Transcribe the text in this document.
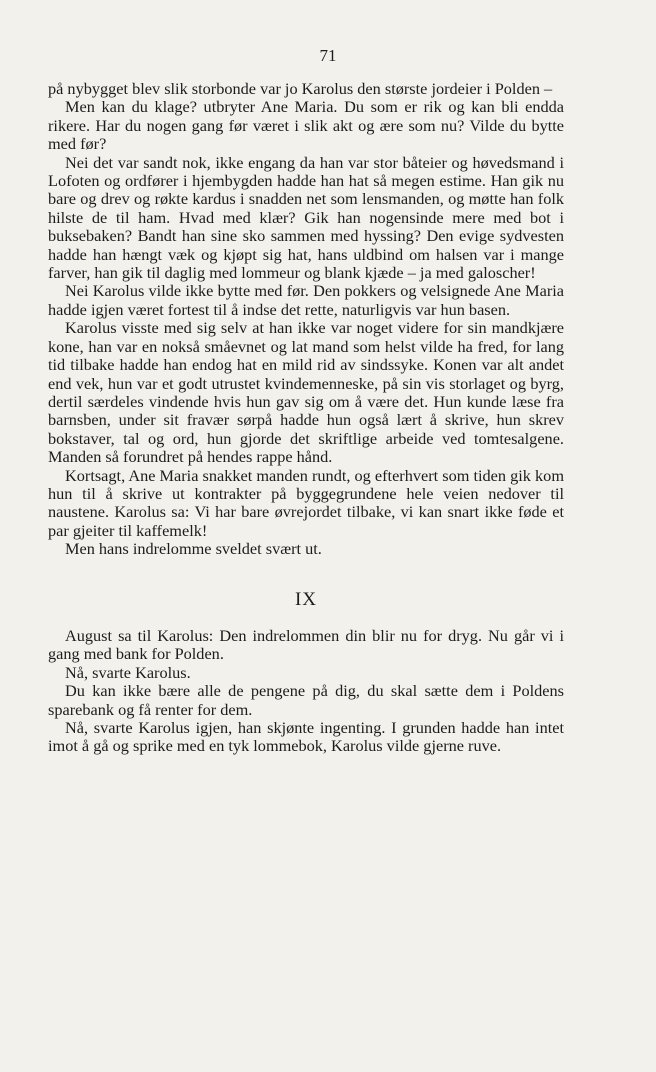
71

på nybygget blev slik storbonde var jo Karolus den største jordeier i Polden –

Men kan du klage? utbryter Ane Maria. Du som er rik og kan bli endda rikere. Har du nogen gang før været i slik akt og ære som nu? Vilde du bytte med før?

Nei det var sandt nok, ikke engang da han var stor båteier og høvedsmand i Lofoten og ordfører i hjembygden hadde han hat så megen estime. Han gik nu bare og drev og røkte kardus i snadden net som lensmanden, og møtte han folk hilste de til ham. Hvad med klær? Gik han nogensinde mere med bot i buksebaken? Bandt han sine sko sammen med hyssing? Den evige sydvesten hadde han hængt væk og kjøpt sig hat, hans uldbind om halsen var i mange farver, han gik til daglig med lommeur og blank kjæde – ja med galoscher!

Nei Karolus vilde ikke bytte med før. Den pokkers og velsignede Ane Maria hadde igjen været fortest til å indse det rette, naturligvis var hun basen.

Karolus visste med sig selv at han ikke var noget videre for sin mandkjære kone, han var en nokså småevnet og lat mand som helst vilde ha fred, for lang tid tilbake hadde han endog hat en mild rid av sindssyke. Konen var alt andet end vek, hun var et godt utrustet kvindemenneske, på sin vis storlaget og byrg, dertil særdeles vindende hvis hun gav sig om å være det. Hun kunde læse fra barnsben, under sit fravær sørpå hadde hun også lært å skrive, hun skrev bokstaver, tal og ord, hun gjorde det skriftlige arbeide ved tomtesalgene. Manden så forundret på hendes rappe hånd.

Kortsagt, Ane Maria snakket manden rundt, og efterhvert som tiden gik kom hun til å skrive ut kontrakter på byggegrundene hele veien nedover til naustene. Karolus sa: Vi har bare øvrejordet tilbake, vi kan snart ikke føde et par gjeiter til kaffemelk!

Men hans indrelomme sveldet svært ut.

IX

August sa til Karolus: Den indrelommen din blir nu for dryg. Nu går vi i gang med bank for Polden.

Nå, svarte Karolus.

Du kan ikke bære alle de pengene på dig, du skal sætte dem i Poldens sparebank og få renter for dem.

Nå, svarte Karolus igjen, han skjønte ingenting. I grunden hadde han intet imot å gå og sprike med en tyk lommebok, Karolus vilde gjerne ruve.
